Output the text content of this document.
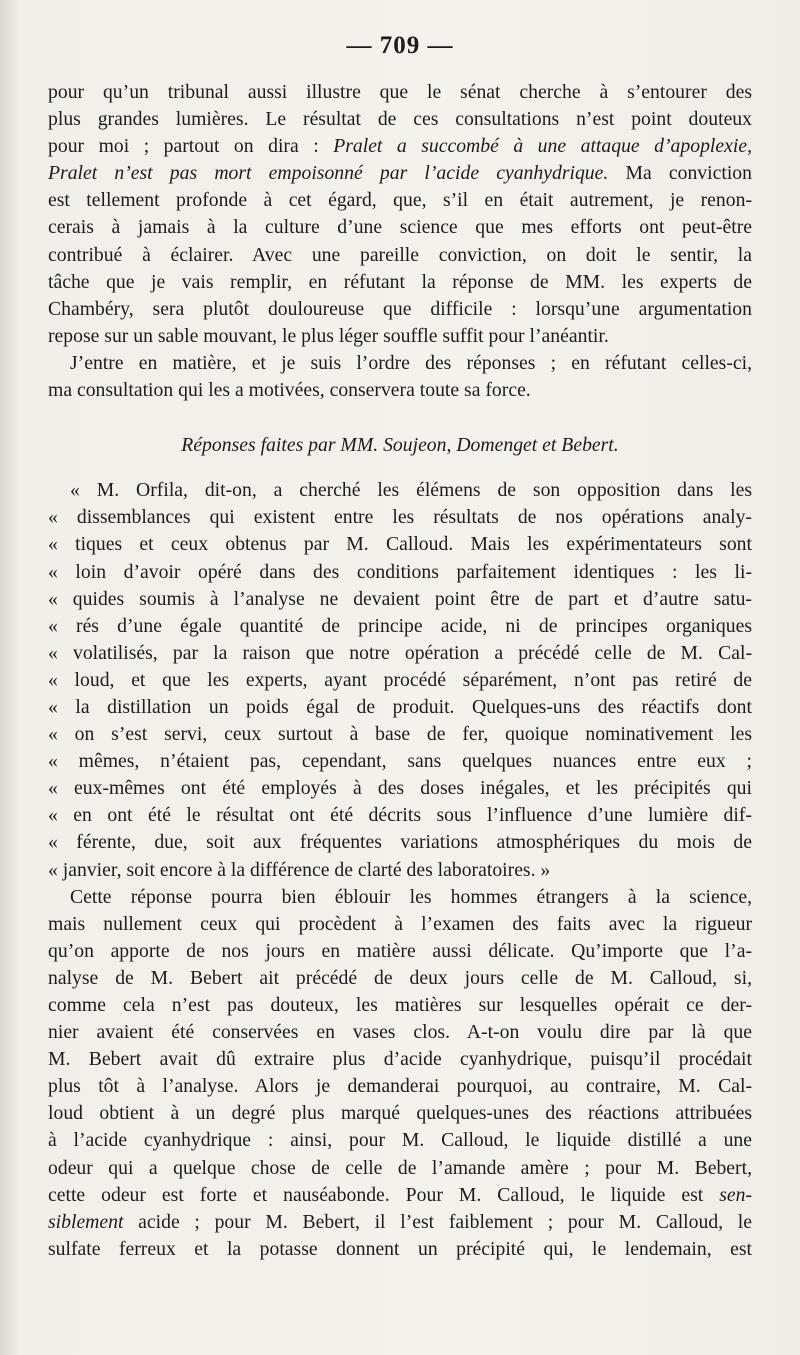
— 709 —
pour qu’un tribunal aussi illustre que le sénat cherche à s’entourer des
plus grandes lumières. Le résultat de ces consultations n’est point douteux
pour moi ; partout on dira : Pralet a succombé à une attaque d’apoplexie,
Pralet n’est pas mort empoisonné par l’acide cyanhydrique. Ma conviction
est tellement profonde à cet égard, que, s’il en était autrement, je renon-
cerais à jamais à la culture d’une science que mes efforts ont peut-être
contribué à éclairer. Avec une pareille conviction, on doit le sentir, la
tâche que je vais remplir, en réfutant la réponse de MM. les experts de
Chambéry, sera plutôt douloureuse que difficile : lorsqu’une argumentation
repose sur un sable mouvant, le plus léger souffle suffit pour l’anéantir.
J’entre en matière, et je suis l’ordre des réponses ; en réfutant celles-ci,
ma consultation qui les a motivées, conservera toute sa force.
Réponses faites par MM. Soujeon, Domenget et Bebert.
« M. Orfila, dit-on, a cherché les élémens de son opposition dans les
« dissemblances qui existent entre les résultats de nos opérations analy-
« tiques et ceux obtenus par M. Calloud. Mais les expérimentateurs sont
« loin d’avoir opéré dans des conditions parfaitement identiques : les li-
« quides soumis à l’analyse ne devaient point être de part et d’autre satu-
« rés d’une égale quantité de principe acide, ni de principes organiques
« volatilisés, par la raison que notre opération a précédé celle de M. Cal-
« loud, et que les experts, ayant procédé séparément, n’ont pas retiré de
« la distillation un poids égal de produit. Quelques-uns des réactifs dont
« on s’est servi, ceux surtout à base de fer, quoique nominativement les
« mêmes, n’étaient pas, cependant, sans quelques nuances entre eux ;
« eux-mêmes ont été employés à des doses inégales, et les précipités qui
« en ont été le résultat ont été décrits sous l’influence d’une lumière dif-
« férente, due, soit aux fréquentes variations atmosphériques du mois de
« janvier, soit encore à la différence de clarté des laboratoires. »
Cette réponse pourra bien éblouir les hommes étrangers à la science,
mais nullement ceux qui procèdent à l’examen des faits avec la rigueur
qu’on apporte de nos jours en matière aussi délicate. Qu’importe que l’a-
nalyse de M. Bebert ait précédé de deux jours celle de M. Calloud, si,
comme cela n’est pas douteux, les matières sur lesquelles opérait ce der-
nier avaient été conservées en vases clos. A-t-on voulu dire par là que
M. Bebert avait dû extraire plus d’acide cyanhydrique, puisqu’il procédait
plus tôt à l’analyse. Alors je demanderai pourquoi, au contraire, M. Cal-
loud obtient à un degré plus marqué quelques-unes des réactions attribuées
à l’acide cyanhydrique : ainsi, pour M. Calloud, le liquide distillé a une
odeur qui a quelque chose de celle de l’amande amère ; pour M. Bebert,
cette odeur est forte et nauséabonde. Pour M. Calloud, le liquide est sen-
siblement acide ; pour M. Bebert, il l’est faiblement ; pour M. Calloud, le
sulfate ferreux et la potasse donnent un précipité qui, le lendemain, est
